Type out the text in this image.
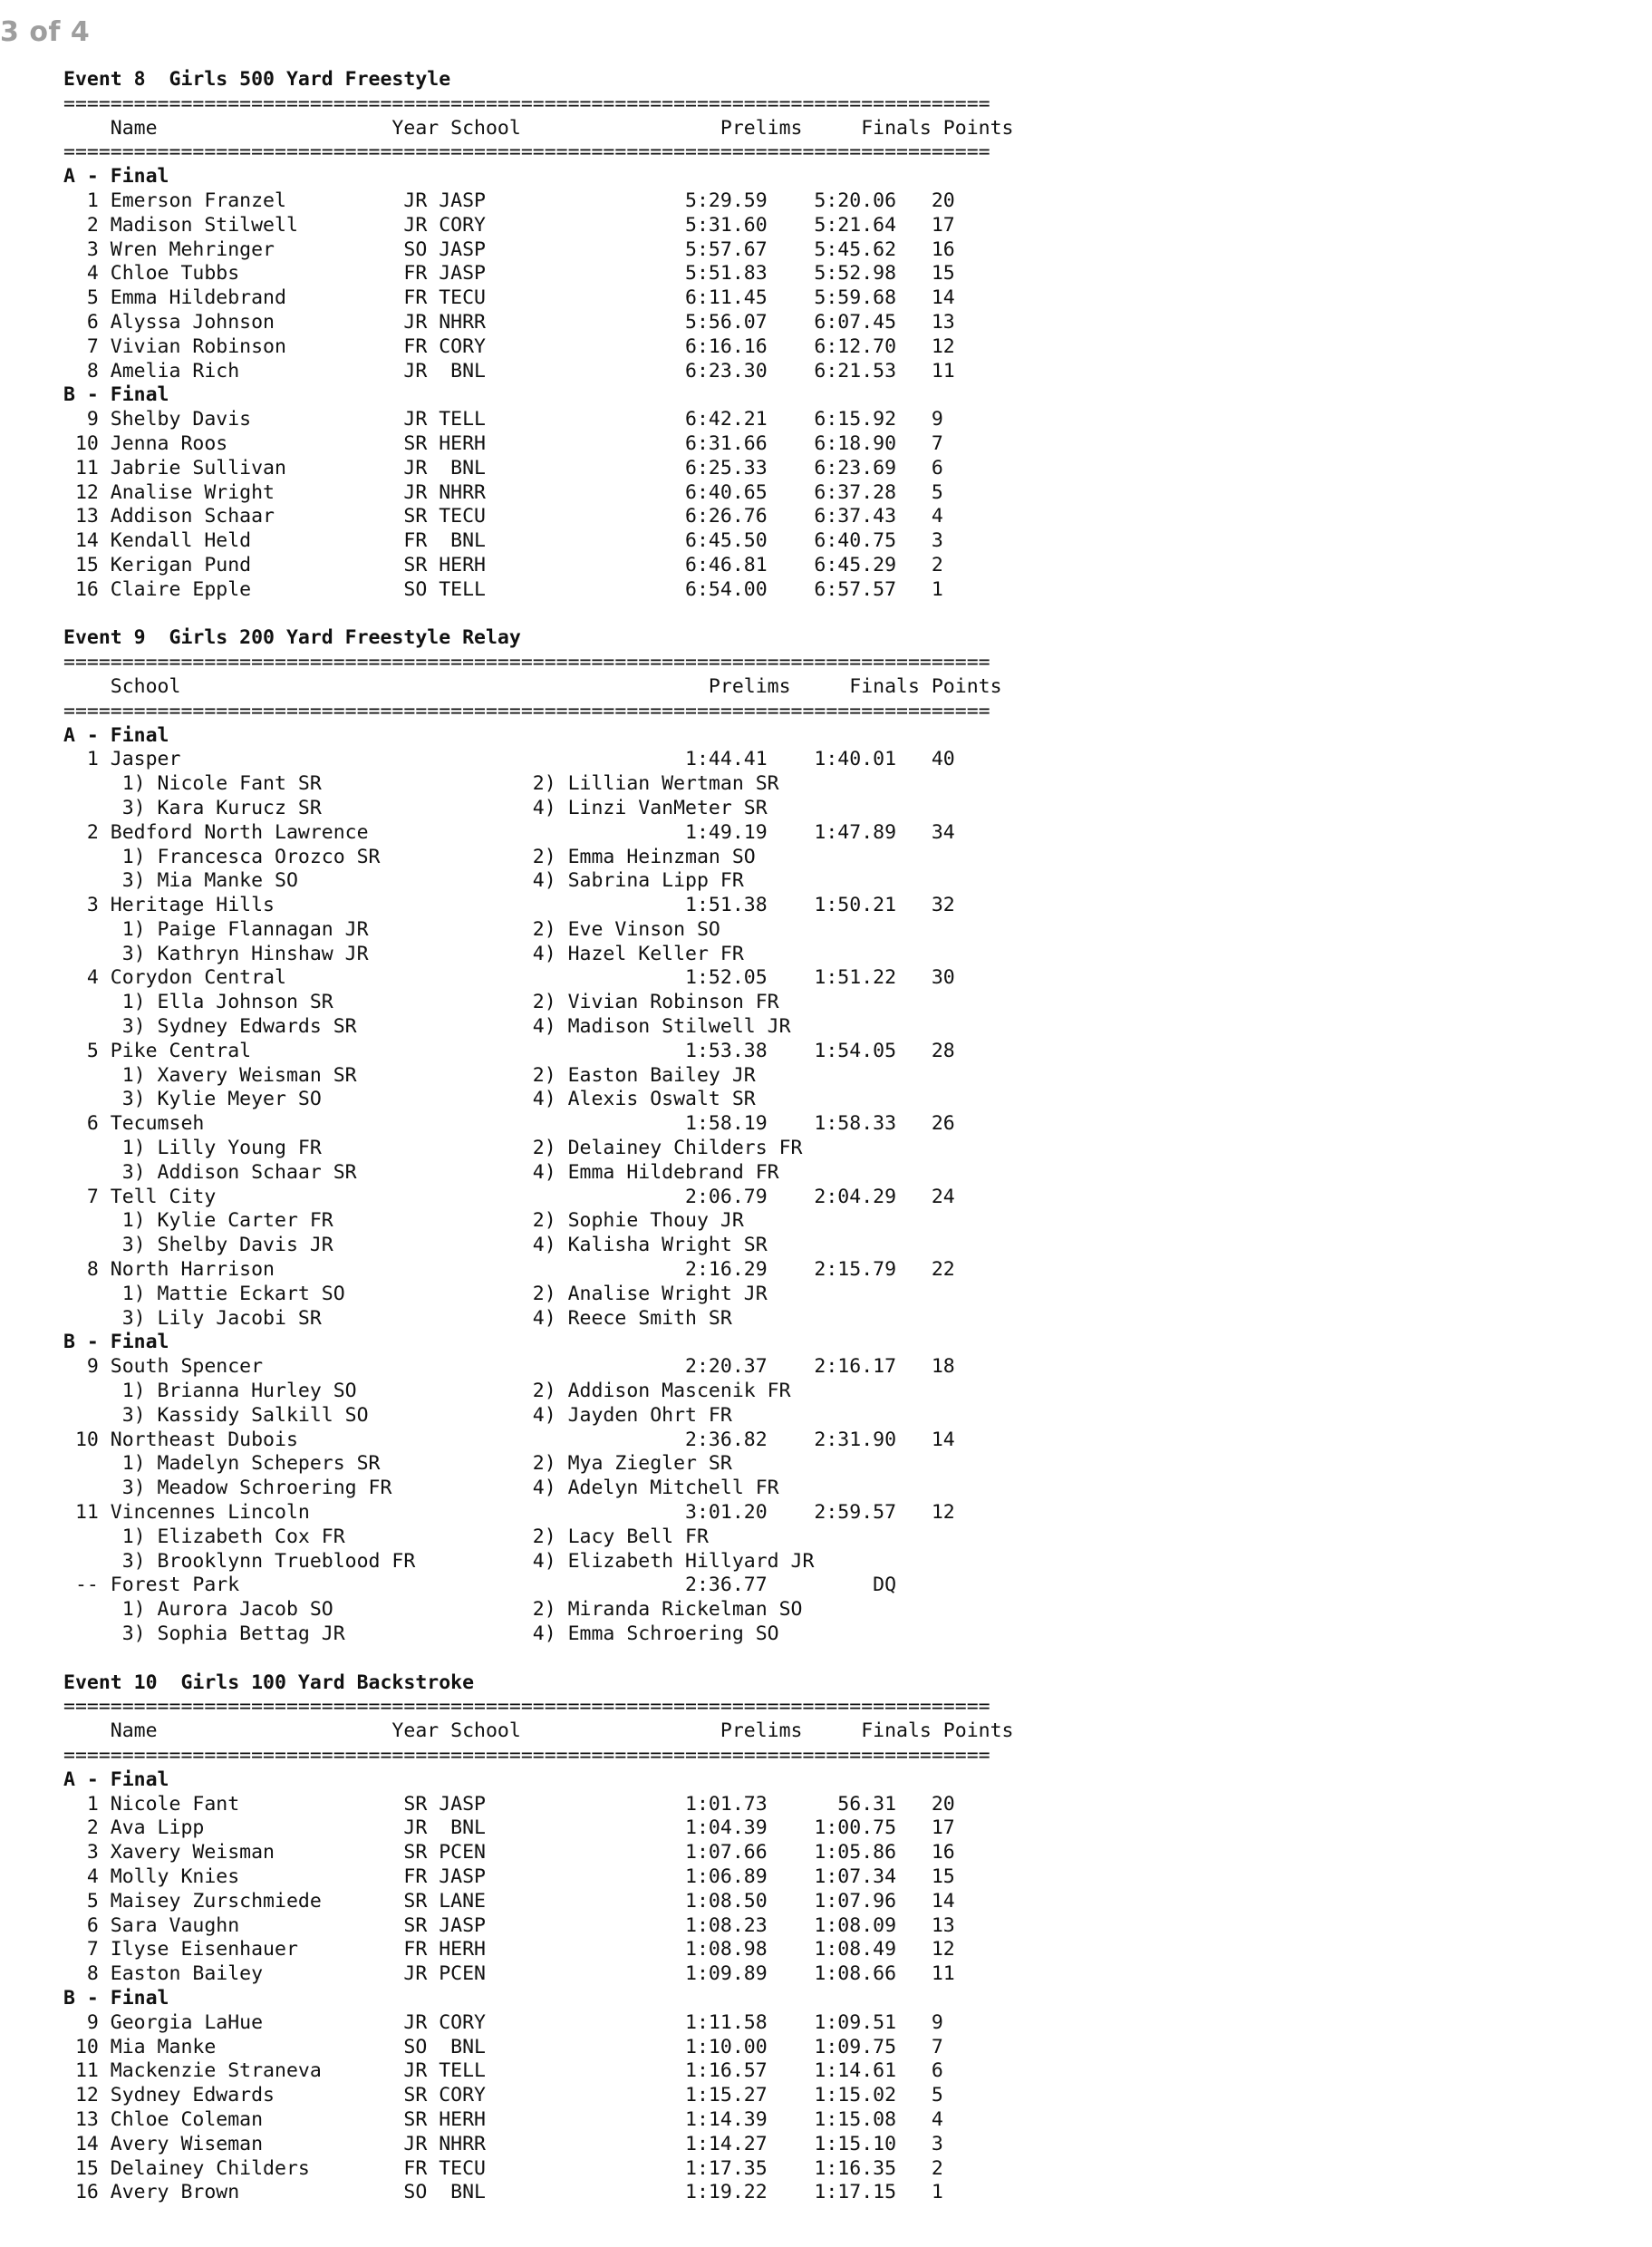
3 of 4
Event 8  Girls 500 Yard Freestyle
===============================================================================
Name                    Year School                 Prelims     Finals Points
===============================================================================
A - Final
1 Emerson Franzel          JR JASP                 5:29.59    5:20.06   20
2 Madison Stilwell         JR CORY                 5:31.60    5:21.64   17
3 Wren Mehringer           SO JASP                 5:57.67    5:45.62   16
4 Chloe Tubbs              FR JASP                 5:51.83    5:52.98   15
5 Emma Hildebrand          FR TECU                 6:11.45    5:59.68   14
6 Alyssa Johnson           JR NHRR                 5:56.07    6:07.45   13
7 Vivian Robinson          FR CORY                 6:16.16    6:12.70   12
8 Amelia Rich              JR  BNL                 6:23.30    6:21.53   11
B - Final
9 Shelby Davis             JR TELL                 6:42.21    6:15.92   9
10 Jenna Roos               SR HERH                 6:31.66    6:18.90   7
11 Jabrie Sullivan          JR  BNL                 6:25.33    6:23.69   6
12 Analise Wright           JR NHRR                 6:40.65    6:37.28   5
13 Addison Schaar           SR TECU                 6:26.76    6:37.43   4
14 Kendall Held             FR  BNL                 6:45.50    6:40.75   3
15 Kerigan Pund             SR HERH                 6:46.81    6:45.29   2
16 Claire Epple             SO TELL                 6:54.00    6:57.57   1
Event 9  Girls 200 Yard Freestyle Relay
===============================================================================
School                                             Prelims     Finals Points
===============================================================================
A - Final
1 Jasper                                           1:44.41    1:40.01   40
1) Nicole Fant SR                  2) Lillian Wertman SR
3) Kara Kurucz SR                  4) Linzi VanMeter SR
2 Bedford North Lawrence                           1:49.19    1:47.89   34
1) Francesca Orozco SR             2) Emma Heinzman SO
3) Mia Manke SO                    4) Sabrina Lipp FR
3 Heritage Hills                                   1:51.38    1:50.21   32
1) Paige Flannagan JR              2) Eve Vinson SO
3) Kathryn Hinshaw JR              4) Hazel Keller FR
4 Corydon Central                                  1:52.05    1:51.22   30
1) Ella Johnson SR                 2) Vivian Robinson FR
3) Sydney Edwards SR               4) Madison Stilwell JR
5 Pike Central                                     1:53.38    1:54.05   28
1) Xavery Weisman SR               2) Easton Bailey JR
3) Kylie Meyer SO                  4) Alexis Oswalt SR
6 Tecumseh                                         1:58.19    1:58.33   26
1) Lilly Young FR                  2) Delainey Childers FR
3) Addison Schaar SR               4) Emma Hildebrand FR
7 Tell City                                        2:06.79    2:04.29   24
1) Kylie Carter FR                 2) Sophie Thouy JR
3) Shelby Davis JR                 4) Kalisha Wright SR
8 North Harrison                                   2:16.29    2:15.79   22
1) Mattie Eckart SO                2) Analise Wright JR
3) Lily Jacobi SR                  4) Reece Smith SR
B - Final
9 South Spencer                                    2:20.37    2:16.17   18
1) Brianna Hurley SO               2) Addison Mascenik FR
3) Kassidy Salkill SO              4) Jayden Ohrt FR
10 Northeast Dubois                                 2:36.82    2:31.90   14
1) Madelyn Schepers SR             2) Mya Ziegler SR
3) Meadow Schroering FR            4) Adelyn Mitchell FR
11 Vincennes Lincoln                                3:01.20    2:59.57   12
1) Elizabeth Cox FR                2) Lacy Bell FR
3) Brooklynn Trueblood FR          4) Elizabeth Hillyard JR
-- Forest Park                                      2:36.77         DQ
1) Aurora Jacob SO                 2) Miranda Rickelman SO
3) Sophia Bettag JR                4) Emma Schroering SO
Event 10  Girls 100 Yard Backstroke
===============================================================================
Name                    Year School                 Prelims     Finals Points
===============================================================================
A - Final
1 Nicole Fant              SR JASP                 1:01.73      56.31   20
2 Ava Lipp                 JR  BNL                 1:04.39    1:00.75   17
3 Xavery Weisman           SR PCEN                 1:07.66    1:05.86   16
4 Molly Knies              FR JASP                 1:06.89    1:07.34   15
5 Maisey Zurschmiede       SR LANE                 1:08.50    1:07.96   14
6 Sara Vaughn              SR JASP                 1:08.23    1:08.09   13
7 Ilyse Eisenhauer         FR HERH                 1:08.98    1:08.49   12
8 Easton Bailey            JR PCEN                 1:09.89    1:08.66   11
B - Final
9 Georgia LaHue            JR CORY                 1:11.58    1:09.51   9
10 Mia Manke                SO  BNL                 1:10.00    1:09.75   7
11 Mackenzie Straneva       JR TELL                 1:16.57    1:14.61   6
12 Sydney Edwards           SR CORY                 1:15.27    1:15.02   5
13 Chloe Coleman            SR HERH                 1:14.39    1:15.08   4
14 Avery Wiseman            JR NHRR                 1:14.27    1:15.10   3
15 Delainey Childers        FR TECU                 1:17.35    1:16.35   2
16 Avery Brown              SO  BNL                 1:19.22    1:17.15   1
